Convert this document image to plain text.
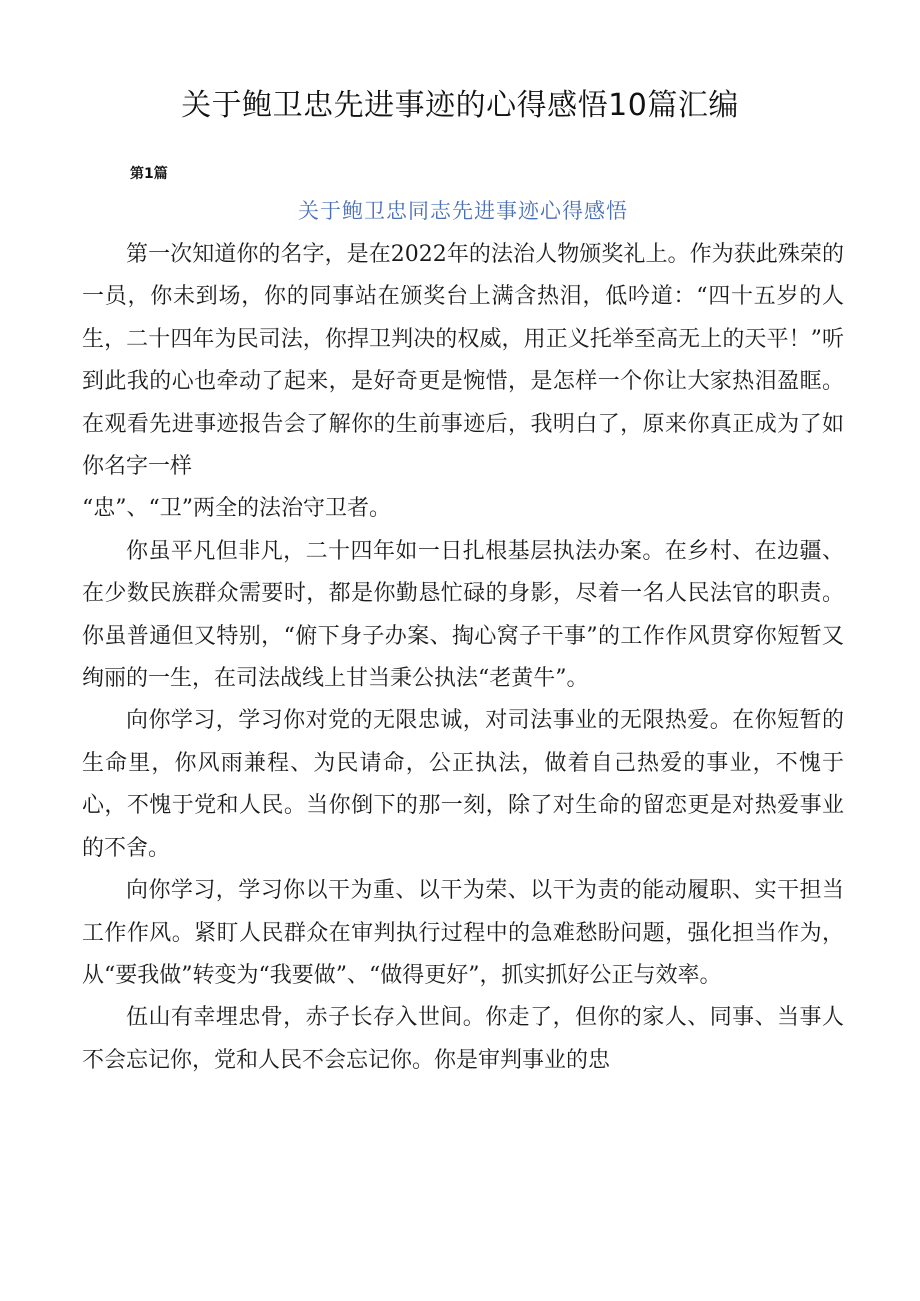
关于鲍卫忠先进事迹的心得感悟10篇汇编
第1篇
关于鲍卫忠同志先进事迹心得感悟

第一次知道你的名字，是在2022年的法治人物颁奖礼上。作为获此殊荣的一员，你未到场，你的同事站在颁奖台上满含热泪，低吟道：“四十五岁的人生，二十四年为民司法，你捍卫判决的权威，用正义托举至高无上的天平！”听到此我的心也牵动了起来，是好奇更是惋惜，是怎样一个你让大家热泪盈眶。在观看先进事迹报告会了解你的生前事迹后，我明白了，原来你真正成为了如你名字一样

“忠”、“卫”两全的法治守卫者。

你虽平凡但非凡，二十四年如一日扎根基层执法办案。在乡村、在边疆、在少数民族群众需要时，都是你勤恳忙碌的身影，尽着一名人民法官的职责。你虽普通但又特别，“俯下身子办案、掏心窝子干事”的工作作风贯穿你短暂又绚丽的一生，在司法战线上甘当秉公执法“老黄牛”。

向你学习，学习你对党的无限忠诚，对司法事业的无限热爱。在你短暂的生命里，你风雨兼程、为民请命，公正执法，做着自己热爱的事业，不愧于心，不愧于党和人民。当你倒下的那一刻，除了对生命的留恋更是对热爱事业的不舍。

向你学习，学习你以干为重、以干为荣、以干为责的能动履职、实干担当工作作风。紧盯人民群众在审判执行过程中的急难愁盼问题，强化担当作为，从“要我做”转变为“我要做”、“做得更好”，抓实抓好公正与效率。

伍山有幸埋忠骨，赤子长存入世间。你走了，但你的家人、同事、当事人不会忘记你，党和人民不会忘记你。你是审判事业的忠
